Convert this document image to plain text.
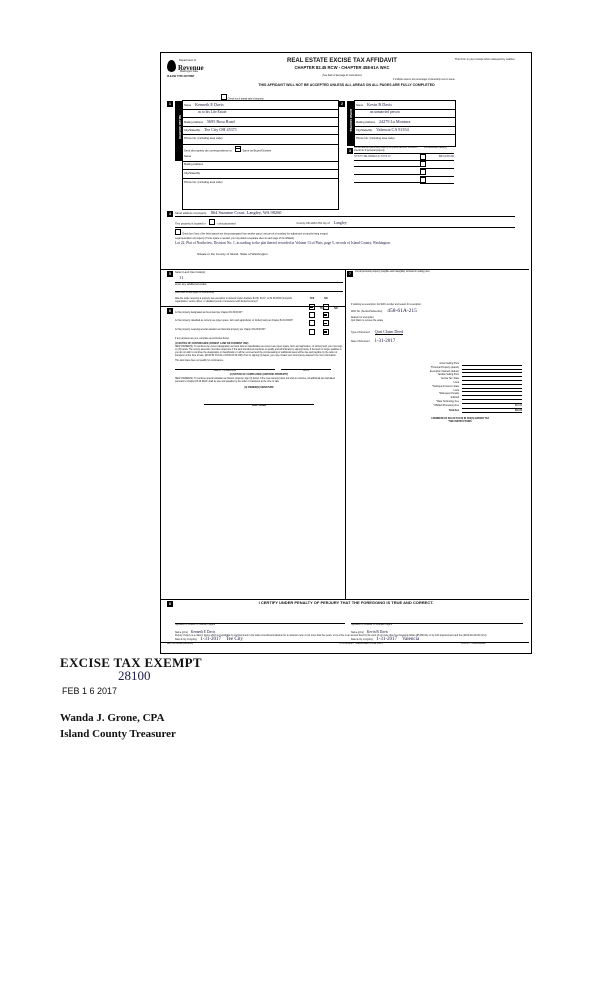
Department of
Revenue
Washington State
PLEASE TYPE OR PRINT
REAL ESTATE EXCISE TAX AFFIDAVIT
CHAPTER 82.45 RCW - CHAPTER 458-61A WAC
(See back of last page for instructions)
This form is your receipt when stamped by cashier.
If multiple owners, list percentage of ownership next to name.
THIS AFFIDAVIT WILL NOT BE ACCEPTED UNLESS ALL AREAS ON ALL PAGES ARE FULLY COMPLETED
Check box if partial sale of property
1
SELLER GRANTOR
Name Kenneth E Davis
as to his Life Estate
Mailing Address 5695 Rosa Road
City/State/Zip Tee City OH 45371
Phone No. (including area code)
Send all property tax correspondence to:	Same as Buyer/Grantee
Name
Mailing Address
City/State/Zip
Phone No. (including area code)
2
BUYER GRANTEE
Name Kevin R Davis
an unmarried person
Mailing Address 24279 La Montura
City/State/Zip Valencia CA 91354
Phone No. (including area code)
3
List all real and personal property tax parcel account numbers - check box if personal property
List assessed value(s)
S7577-00-00022-0 727217	$95,030.00
4	Street address of property: 864 Suzanne Court, Langley, WA 98260
This property is located in	unincorporated	County OR within 5% city of Langley
Check box if any of the listed parcels are being segregated from another parcel, are part of a boundary line adjustment or parcels being merged.
Legal description of property (if more space is needed, you may attach a separate sheet to each page of the affidavit)
Lot 22, Plat of Northview, Division No. 1, according to the plat thereof recorded in Volume 13 of Plats, page 5, records of Island County, Washington.
Situate in the County of Island, State of Washington.
5	Select Land Use Code(s):
11
enter any additional codes:
(See back of last page for instructions)
Was the seller receiving a property tax exemption or deferral under chapters 84.36, 84.37, or 84.38 RCW (nonprofit organization, senior citizen, or disabled person, homeowner with limited income)?
YES	NO
6	YES	NO
Is this property designated as forest land per chapter 84.33 RCW?
Is this property classified as current use (open space, farm and agricultural, or timber) land per chapter 84.34 RCW?
Is this property receiving special valuation as historical property per chapter 84.26 RCW?
If any answers are yes, complete as instructed below.
(1) NOTICE OF CONTINUANCE (FOREST LAND OR CURRENT USE)
NEW OWNER(S): To continue the current designation as forest land or classification as current use (open space, farm and agriculture, or timber) land, you must sign on (3) below. The county assessor must then determine if the land transferred continues to qualify and will indicate by signing below. If the land no longer qualifies or you do not wish to continue the designation or classification, it will be removed and the compensating or additional taxes will be due and payable by the seller or transferor at the time of sale. (RCW 84.33.140 or RCW 84.34.108). Prior to signing (3) below, you may contact your local county assessor for more information.
This land does does not qualify for continuance.
DEPUTY ASSESSOR	DATE
(2) NOTICE OF COMPLIANCE (HISTORIC PROPERTY)
NEW OWNER(S): To continue special valuation as historic property, sign (3) below. If the new owner(s) does not wish to continue, all additional tax calculated pursuant to chapter 84.26 RCW, shall be due and payable by the seller or transferor at the time of sale.
(3) OWNER(S) SIGNATURE
PRINT NAME
7	List all personal property (tangible and intangible) included in selling price.
If claiming an exemption, list WAC number and reason for exemption:
WAC No. (Section/Subsection) 458-61A-215
Reason for exemption:
Quit Claim to remove life estate
Type of Document Quit Claim Deed
Date of Document 1-31-2017
Gross Selling Price
*Personal Property (deduct)
Exemption Claimed (deduct)
Taxable Selling Price
Excise Tax: State
Local
*Delinquent Interest: State
Local
*Delinquent Penalty
Subtotal
*State Technology Fee
*Affidavit Processing Fee	$10.00
Total Due	$10.00
A MINIMUM OF $10.00 IS DUE IN FEE(S) AND/OR TAX
*SEE INSTRUCTIONS
8	I CERTIFY UNDER PENALTY OF PERJURY THAT THE FOREGOING IS TRUE AND CORRECT.

Signature of Grantor or Grantor's Agent
Name (print) Kenneth E Davis
Date & city of signing: 1-31-2017 Tee City

Signature of Grantee or Grantee's Agent
Name (print) Kevin R Davis
Date & city of signing: 1-31-2017 Valencia
Perjury: Perjury is a class C felony which is punishable by imprisonment in the state correctional institution for a maximum term of not more than five years, or by a fine in an amount fixed by the court of not more than five thousand dollars ($5,000.00), or by both imprisonment and fine (RCW 9A.20.020 (1C)).
REV 84 0001a (09/23/15)	THIS SPACE - TREASURER'S USE ONLY	COUNTY TREASURER
EXCISE TAX EXEMPT
28100
FEB 1 6 2017
Wanda J. Grone, CPA
Island County Treasurer
